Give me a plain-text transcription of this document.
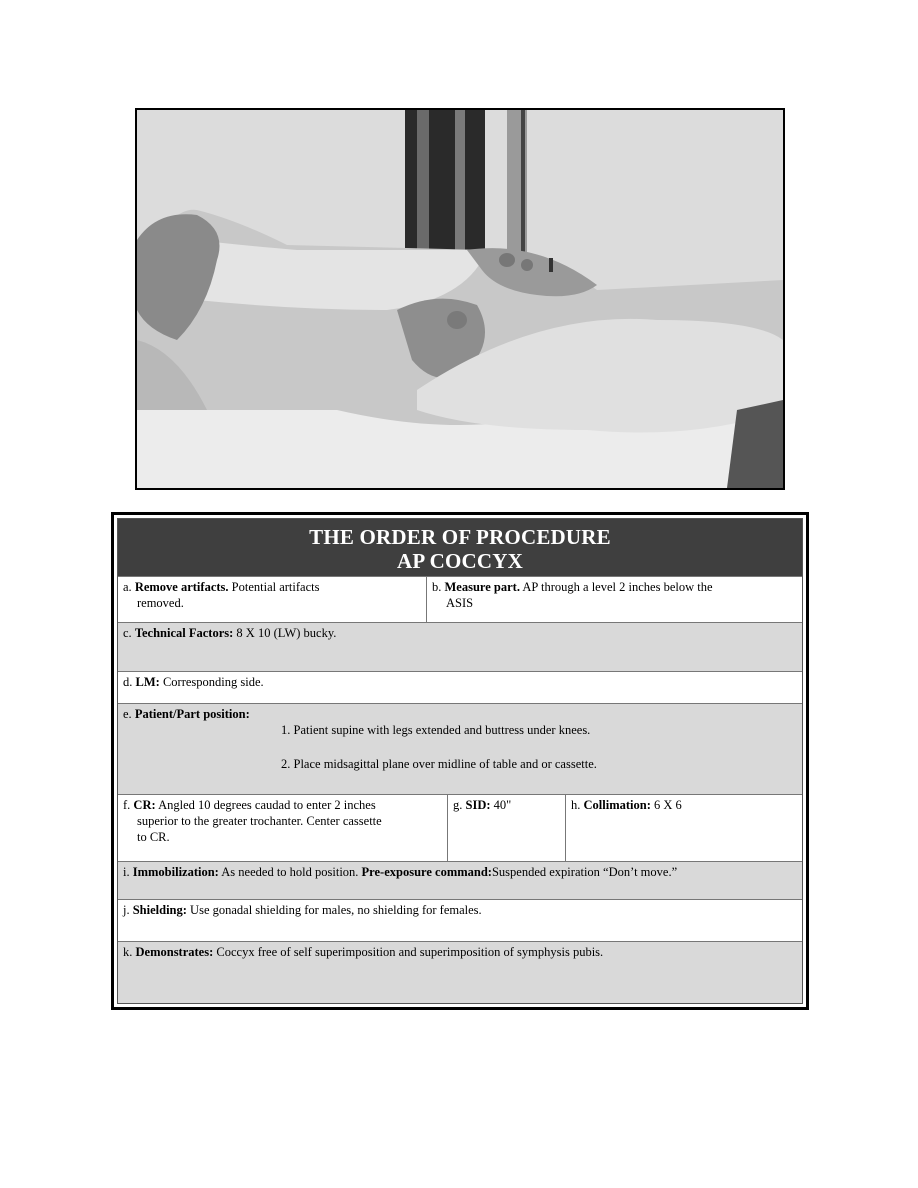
THE ORDER OF PROCEDURE
AP COCCYX
a. Remove artifacts. Potential artifacts
removed.
b. Measure part. AP through a level 2 inches below the
ASIS
c. Technical Factors: 8 X 10 (LW) bucky.
d. LM: Corresponding side.
e. Patient/Part position:
1. Patient supine with legs extended and buttress under knees.
2. Place midsagittal plane over midline of table and or cassette.
f. CR: Angled 10 degrees caudad to enter 2 inches
superior to the greater trochanter. Center cassette
to CR.
g. SID: 40"	h. Collimation: 6 X 6
i. Immobilization: As needed to hold position. Pre-exposure command:Suspended expiration “Don’t move.”
j. Shielding: Use gonadal shielding for males, no shielding for females.
k. Demonstrates: Coccyx free of self superimposition and superimposition of symphysis pubis.
